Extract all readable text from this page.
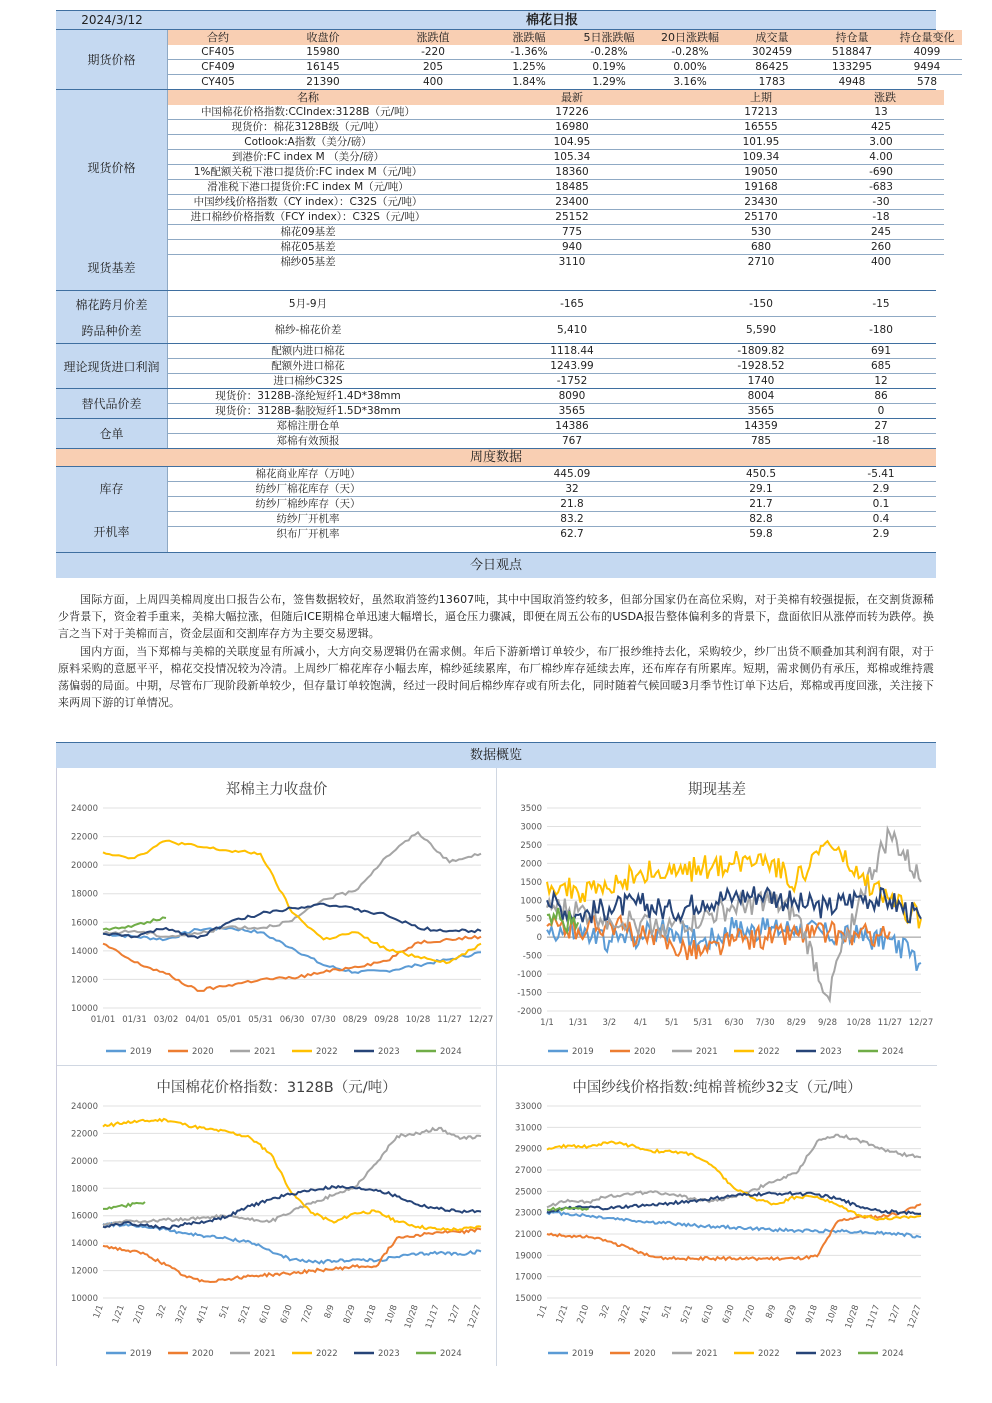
2024/3/12	棉花日报
期货价格
合约	收盘价	涨跌值	涨跌幅	5日涨跌幅	20日涨跌幅	成交量	持仓量	持仓量变化
CF405	15980	-220	-1.36%	-0.28%	-0.28%	302459	518847	4099
CF409	16145	205	1.25%	0.19%	0.00%	86425	133295	9494
CY405	21390	400	1.84%	1.29%	3.16%	1783	4948	578
现货价格
现货基差
名称	最新	上期	涨跌
中国棉花价格指数:CCIndex:3128B（元/吨）	17226	17213	13
现货价：棉花3128B级（元/吨）	16980	16555	425
Cotlook:A指数（美分/磅）	104.95	101.95	3.00
到港价:FC index M （美分/磅）	105.34	109.34	4.00
1%配额关税下港口提货价:FC index M（元/吨）	18360	19050	-690
滑准税下港口提货价:FC index M（元/吨）	18485	19168	-683
中国纱线价格指数（CY index）：C32S（元/吨）	23400	23430	-30
进口棉纱价格指数（FCY index）：C32S（元/吨）	25152	25170	-18
棉花09基差	775	530	245
棉花05基差	940	680	260
棉纱05基差	3110	2710	400
棉花跨月价差	5月-9月	-165	-150	-15
跨品种价差	棉纱-棉花价差	5,410	5,590	-180
理论现货进口利润
配额内进口棉花	1118.44	-1809.82	691
配额外进口棉花	1243.99	-1928.52	685
进口棉纱C32S	-1752	1740	12
替代品价差
现货价：3128B-涤纶短纤1.4D*38mm	8090	8004	86
现货价：3128B-黏胶短纤1.5D*38mm	3565	3565	0
仓单
郑棉注册仓单	14386	14359	27
郑棉有效预报	767	785	-18
周度数据
库存
开机率
棉花商业库存（万吨）	445.09	450.5	-5.41
纺纱厂棉花库存（天）	32	29.1	2.9
纺纱厂棉纱库存（天）	21.8	21.7	0.1
纺纱厂开机率	83.2	82.8	0.4
织布厂开机率	62.7	59.8	2.9
今日观点

国际方面，上周四美棉周度出口报告公布，签售数据较好，虽然取消签约13607吨，其中中国取消签约较多，但部分国家仍在高位采购，对于美棉有较强提振，在交割货源稀少背景下，资金着手重来，美棉大幅拉涨，但随后ICE期棉仓单迅速大幅增长，逼仓压力骤减，即便在周五公布的USDA报告整体偏利多的背景下，盘面依旧从涨停而转为跌停。换言之当下对于美棉而言，资金层面和交割库存方为主要交易逻辑。

国内方面，当下郑棉与美棉的关联度显有所减小，大方向交易逻辑仍在需求侧。年后下游新增订单较少，布厂报纱维持去化，采购较少，纱厂出货不顺叠加其利润有限，对于原料采购的意愿平平，棉花交投情况较为冷清。上周纱厂棉花库存小幅去库，棉纱延续累库，布厂棉纱库存延续去库，还布库存有所累库。短期，需求侧仍有承压，郑棉或维持震荡偏弱的局面。中期，尽管布厂现阶段新单较少，但存量订单较饱满，经过一段时间后棉纱库存或有所去化，同时随着气候回暖3月季节性订单下达后，郑棉或再度回涨，关注接下来两周下游的订单情况。

数据概览
郑棉主力收盘价
10000
12000
14000
16000
18000
20000
22000
24000
01/01 01/31 03/02 04/01 05/01 05/31 06/30 07/30 08/29 09/28 10/28 11/27 12/27
2019	2020	2021	2022	2023	2024
期现基差
-2000
-1500
-1000
-500
0
500
1000
1500
2000
2500
3000
3500
1/1 1/31 3/2 4/1 5/1 5/31 6/30 7/30 8/29 9/28 10/28 11/27 12/27
2019	2020	2021	2022	2023	2024
中国棉花价格指数：3128B（元/吨）
10000
12000
14000
16000
18000
20000
22000
24000
1/1 1/21 2/10 3/2 3/22 4/11 5/1 5/21 6/10 6/30 7/20 8/9 8/29 9/18 10/8 10/28 11/17 12/7 12/27
2019	2020	2021	2022	2023	2024
中国纱线价格指数:纯棉普梳纱32支（元/吨）
15000
17000
19000
21000
23000
25000
27000
29000
31000
33000
1/1 1/21 2/10 3/2 3/22 4/11 5/1 5/21 6/10 6/30 7/20 8/9 8/29 9/18 10/8 10/28 11/17 12/7 12/27
2019	2020	2021	2022	2023	2024
